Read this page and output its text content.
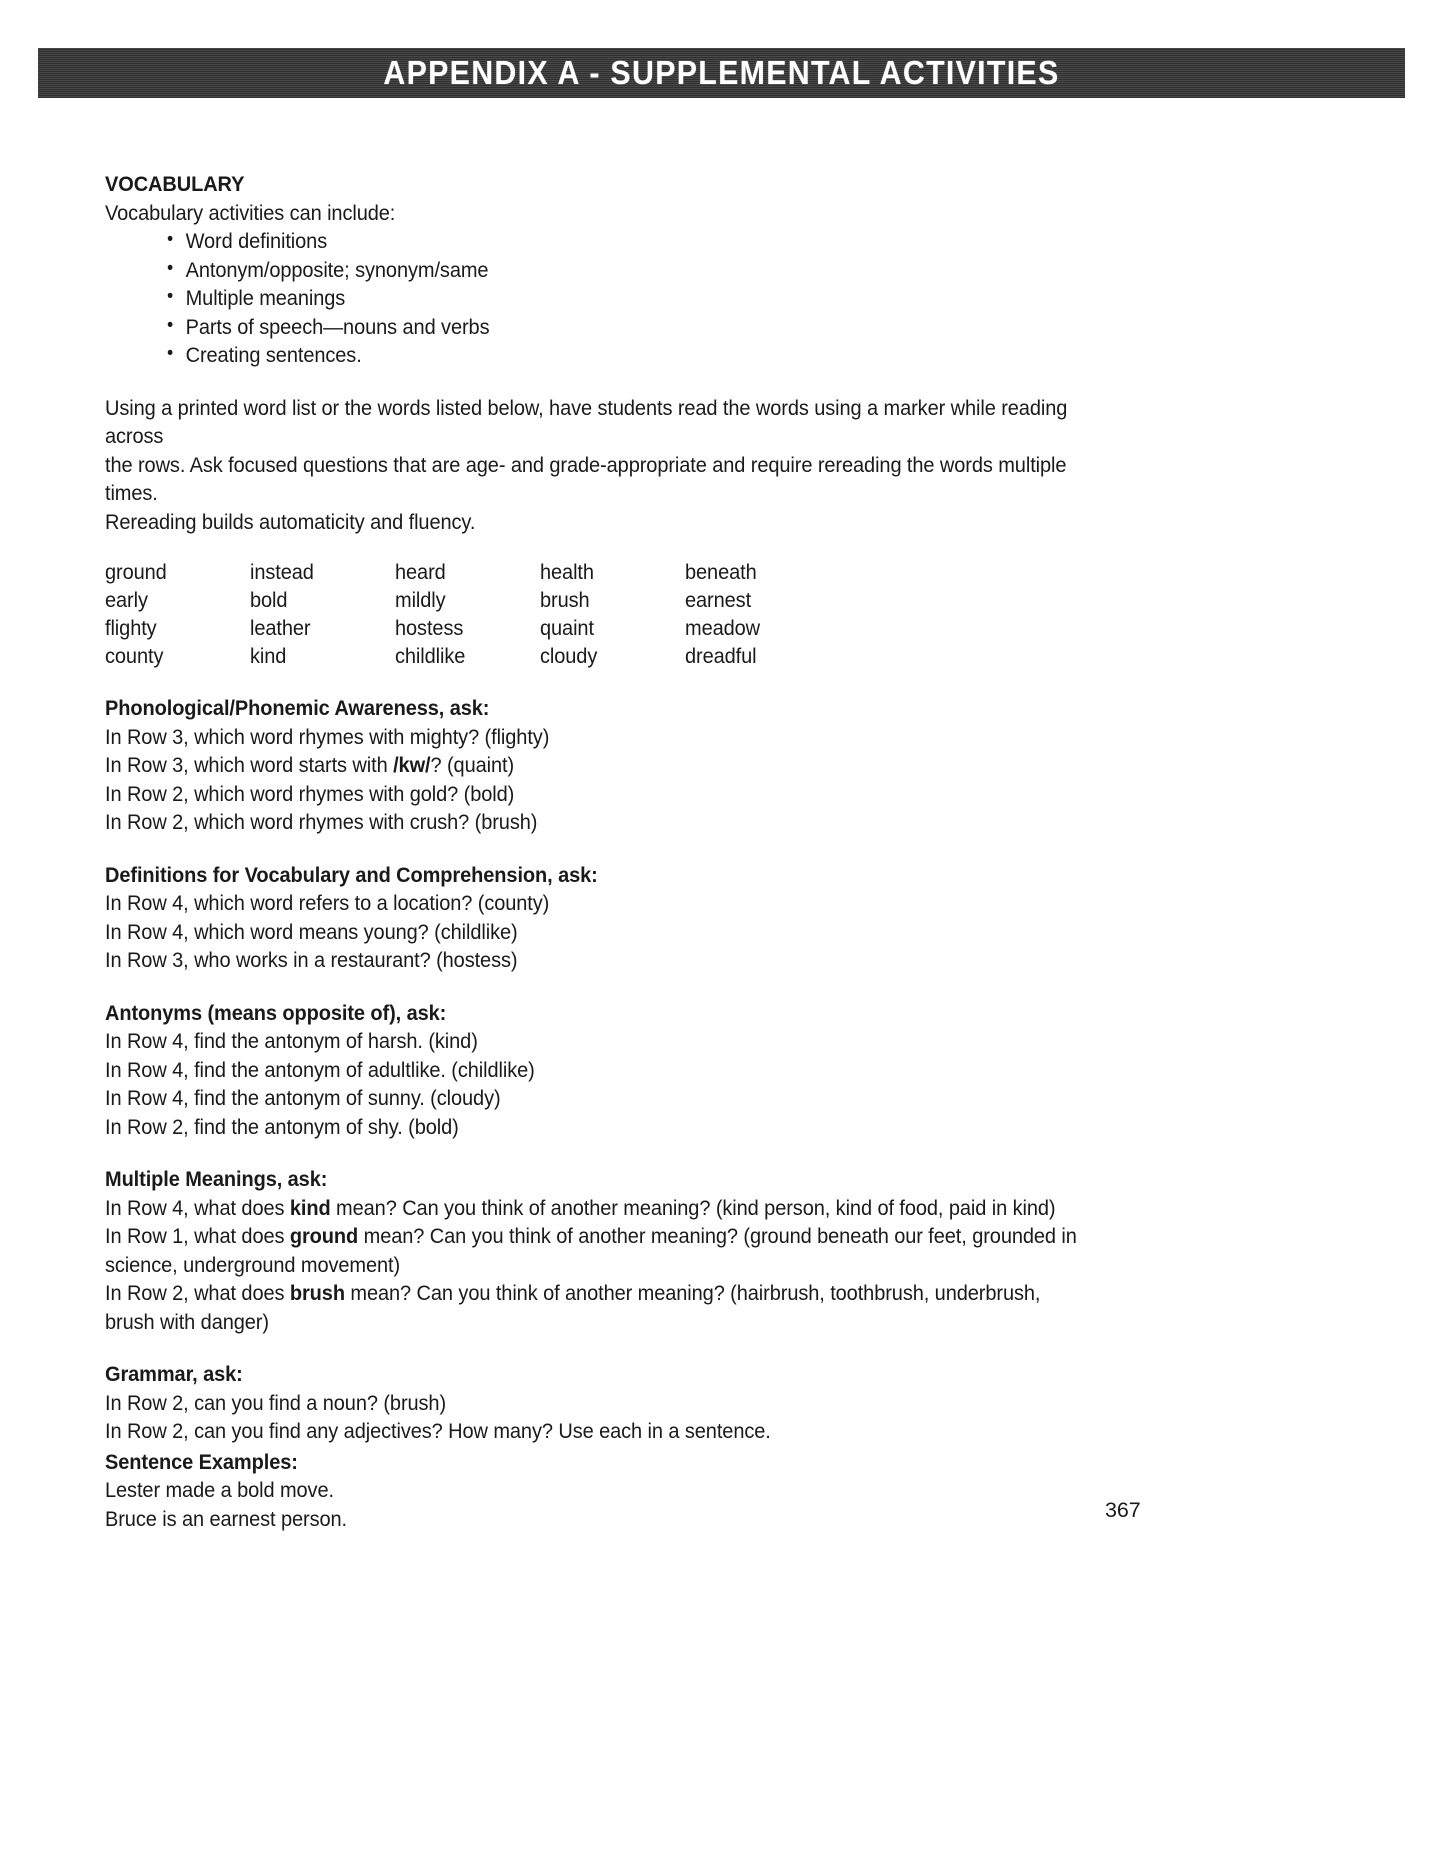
APPENDIX A - SUPPLEMENTAL ACTIVITIES
VOCABULARY
Vocabulary activities can include:
• Word definitions
• Antonym/opposite; synonym/same
• Multiple meanings
• Parts of speech—nouns and verbs
• Creating sentences.
Using a printed word list or the words listed below, have students read the words using a marker while reading across
the rows. Ask focused questions that are age- and grade-appropriate and require rereading the words multiple times.
Rereading builds automaticity and fluency.
ground	instead	heard	health	beneath
early	bold	mildly	brush	earnest
flighty	leather	hostess	quaint	meadow
county	kind	childlike	cloudy	dreadful
Phonological/Phonemic Awareness, ask:
In Row 3, which word rhymes with mighty? (flighty)
In Row 3, which word starts with /kw/? (quaint)
In Row 2, which word rhymes with gold? (bold)
In Row 2, which word rhymes with crush? (brush)
Definitions for Vocabulary and Comprehension, ask:
In Row 4, which word refers to a location? (county)
In Row 4, which word means young? (childlike)
In Row 3, who works in a restaurant? (hostess)
Antonyms (means opposite of), ask:
In Row 4, find the antonym of harsh. (kind)
In Row 4, find the antonym of adultlike. (childlike)
In Row 4, find the antonym of sunny. (cloudy)
In Row 2, find the antonym of shy. (bold)
Multiple Meanings, ask:
In Row 4, what does kind mean? Can you think of another meaning? (kind person, kind of food, paid in kind)
In Row 1, what does ground mean? Can you think of another meaning? (ground beneath our feet, grounded in
science, underground movement)
In Row 2, what does brush mean? Can you think of another meaning? (hairbrush, toothbrush, underbrush,
brush with danger)
Grammar, ask:
In Row 2, can you find a noun? (brush)
In Row 2, can you find any adjectives? How many? Use each in a sentence.
Sentence Examples:
Lester made a bold move.
Bruce is an earnest person.	367
